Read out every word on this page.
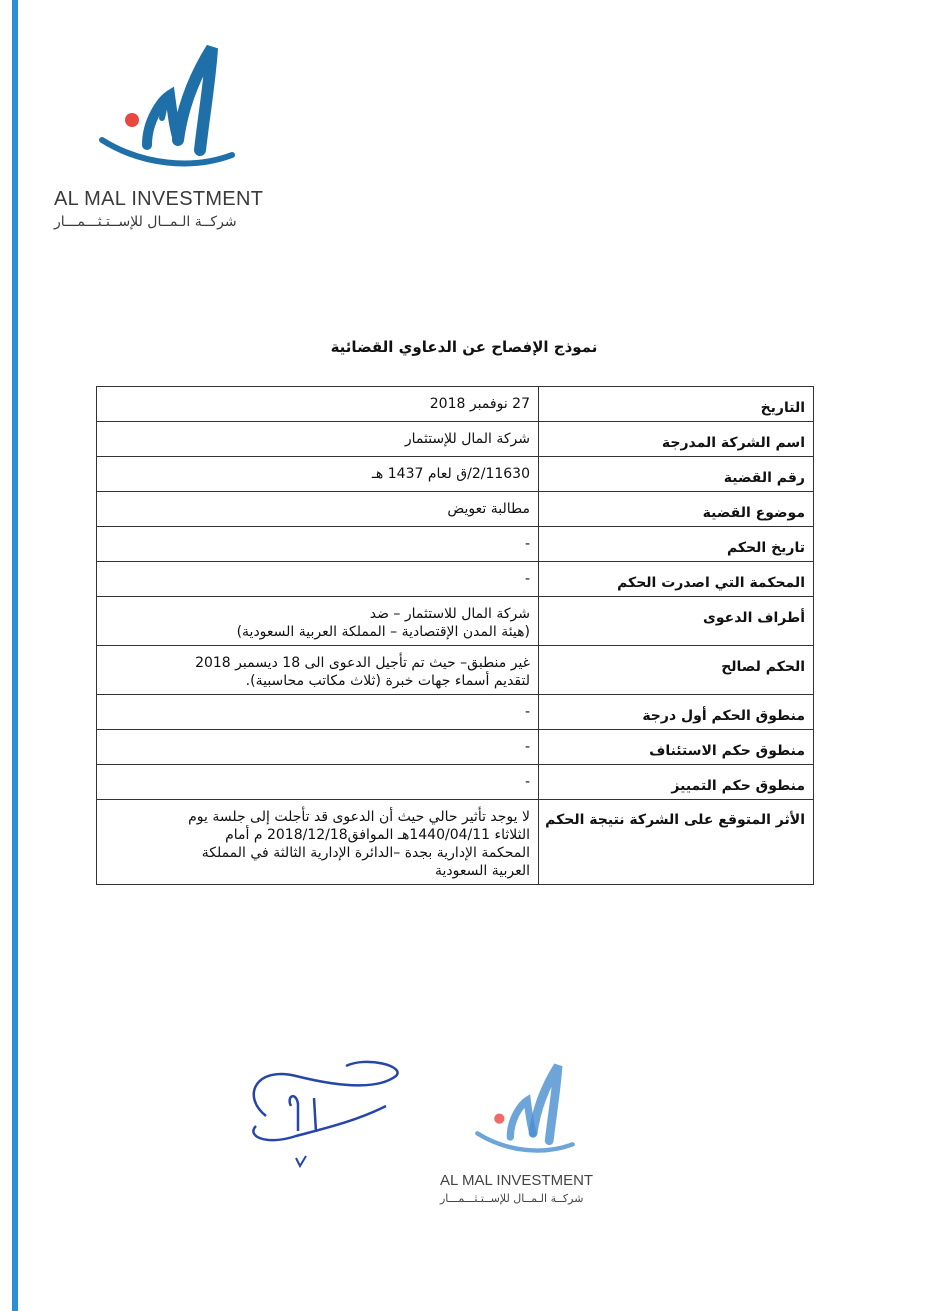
AL MAL INVESTMENT
شركــة الـمــال للإســتـثـــمـــار
نموذج الإفصاح عن الدعاوي القضائية
التاريخ	27 نوفمبر 2018

اسم الشركة المدرجة	شركة المال للإستثمار

رقم القضية	2/11630/ق لعام 1437 هـ

موضوع القضية	مطالبة تعويض

تاريخ الحكم	-

المحكمة التي اصدرت الحكم	-

أطراف الدعوى	شركة المال للاستثمار – ضد
(هيئة المدن الإقتصادية – المملكة العربية السعودية)

الحكم لصالح	غير منطبق– حيث تم تأجيل الدعوى الى 18 ديسمبر 2018
لتقديم أسماء جهات خبرة (ثلاث مكاتب محاسبية).

منطوق الحكم أول درجة	-

منطوق حكم الاستئناف	-

منطوق حكم التمييز	-

الأثر المتوقع على الشركة نتيجة الحكم	لا يوجد تأثير حالي حيث أن الدعوى قد تأجلت إلى جلسة يوم
الثلاثاء 1440/04/11هـ الموافق2018/12/18 م أمام
المحكمة الإدارية بجدة –الدائرة الإدارية الثالثة في المملكة
العربية السعودية
AL MAL INVESTMENT
شركــة الـمــال للإســتـثـــمـــار
